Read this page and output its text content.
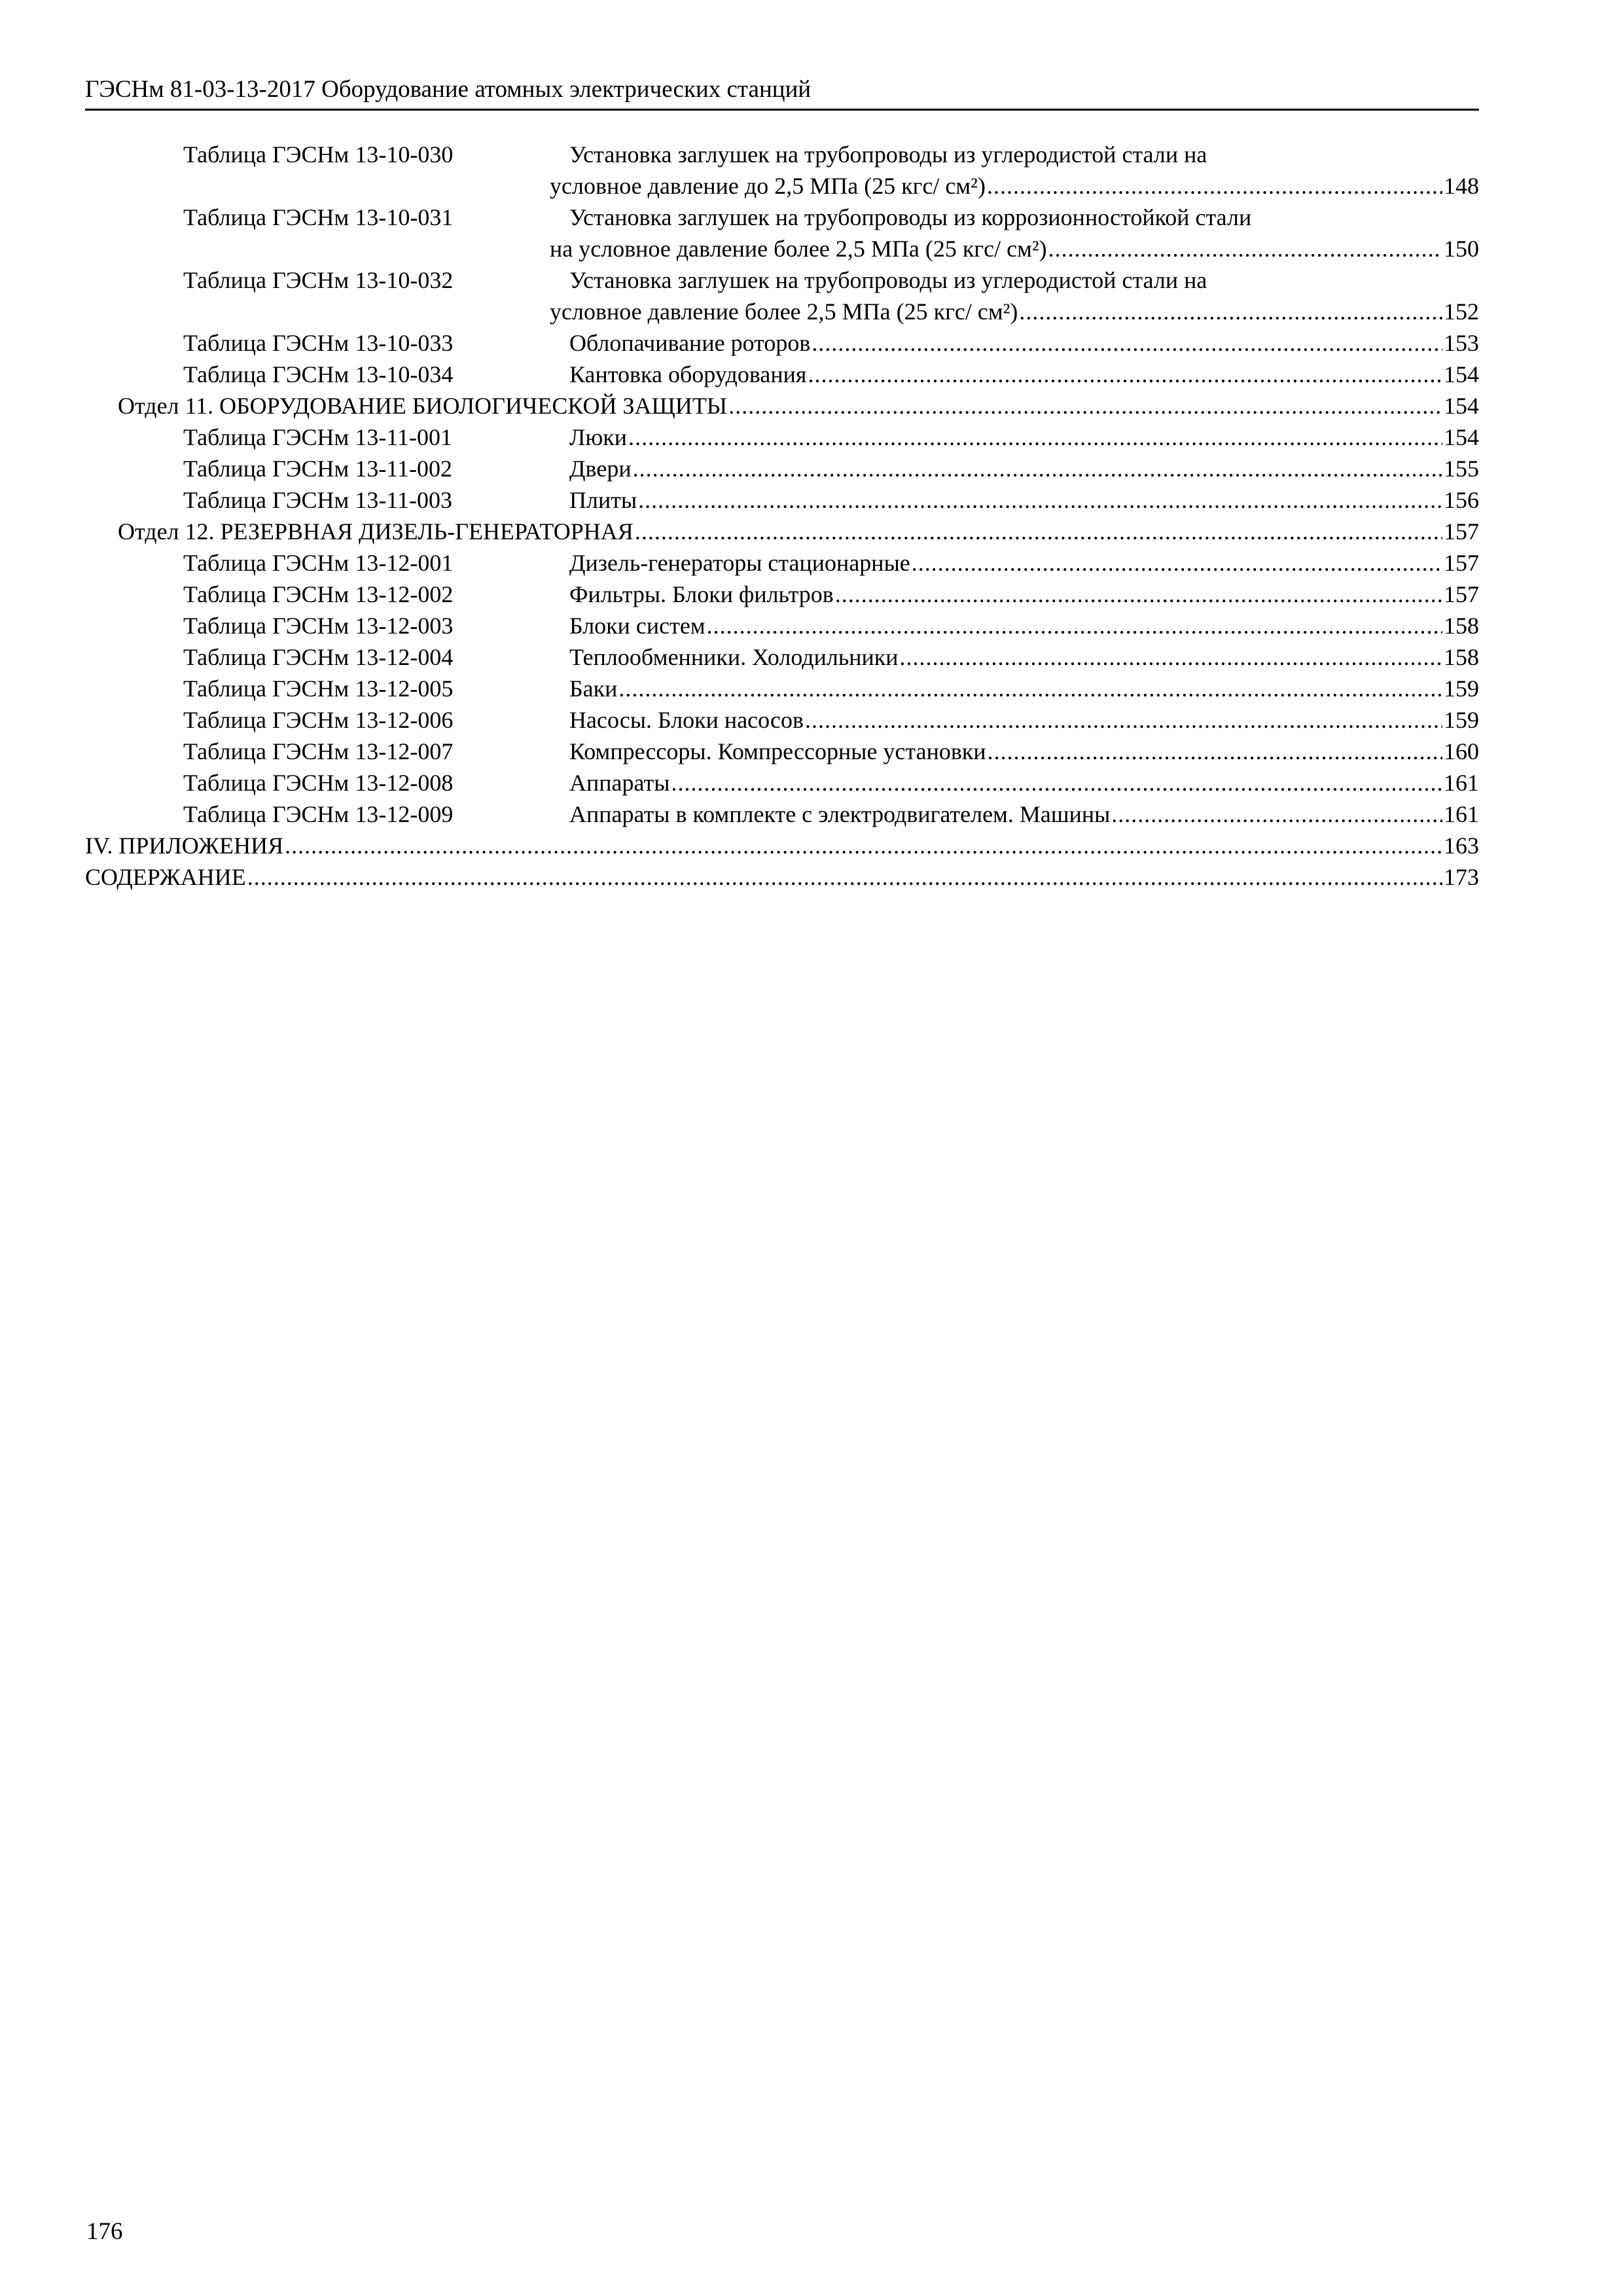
ГЭСНм 81-03-13-2017 Оборудование атомных электрических станций
Таблица ГЭСНм 13-10-030	Установка заглушек на трубопроводы из углеродистой стали на
условное давление до 2,5 МПа (25 кгс/ см²) .....	148
Таблица ГЭСНм 13-10-031	Установка заглушек на трубопроводы из коррозионностойкой стали
на условное давление более 2,5 МПа (25 кгс/ см²) .....	150
Таблица ГЭСНм 13-10-032	Установка заглушек на трубопроводы из углеродистой стали на
условное давление более 2,5 МПа (25 кгс/ см²) .....	152
Таблица ГЭСНм 13-10-033	Облопачивание роторов .....	153
Таблица ГЭСНм 13-10-034	Кантовка оборудования .....	154
Отдел 11. ОБОРУДОВАНИЕ БИОЛОГИЧЕСКОЙ ЗАЩИТЫ .....	154
Таблица ГЭСНм 13-11-001	Люки .....	154
Таблица ГЭСНм 13-11-002	Двери .....	155
Таблица ГЭСНм 13-11-003	Плиты .....	156
Отдел 12. РЕЗЕРВНАЯ ДИЗЕЛЬ-ГЕНЕРАТОРНАЯ .....	157
Таблица ГЭСНм 13-12-001	Дизель-генераторы стационарные .....	157
Таблица ГЭСНм 13-12-002	Фильтры. Блоки фильтров .....	157
Таблица ГЭСНм 13-12-003	Блоки систем .....	158
Таблица ГЭСНм 13-12-004	Теплообменники. Холодильники .....	158
Таблица ГЭСНм 13-12-005	Баки .....	159
Таблица ГЭСНм 13-12-006	Насосы. Блоки насосов .....	159
Таблица ГЭСНм 13-12-007	Компрессоры. Компрессорные установки .....	160
Таблица ГЭСНм 13-12-008	Аппараты .....	161
Таблица ГЭСНм 13-12-009	Аппараты в комплекте с электродвигателем. Машины .....	161
IV. ПРИЛОЖЕНИЯ .....	163
СОДЕРЖАНИЕ .....	173
176
